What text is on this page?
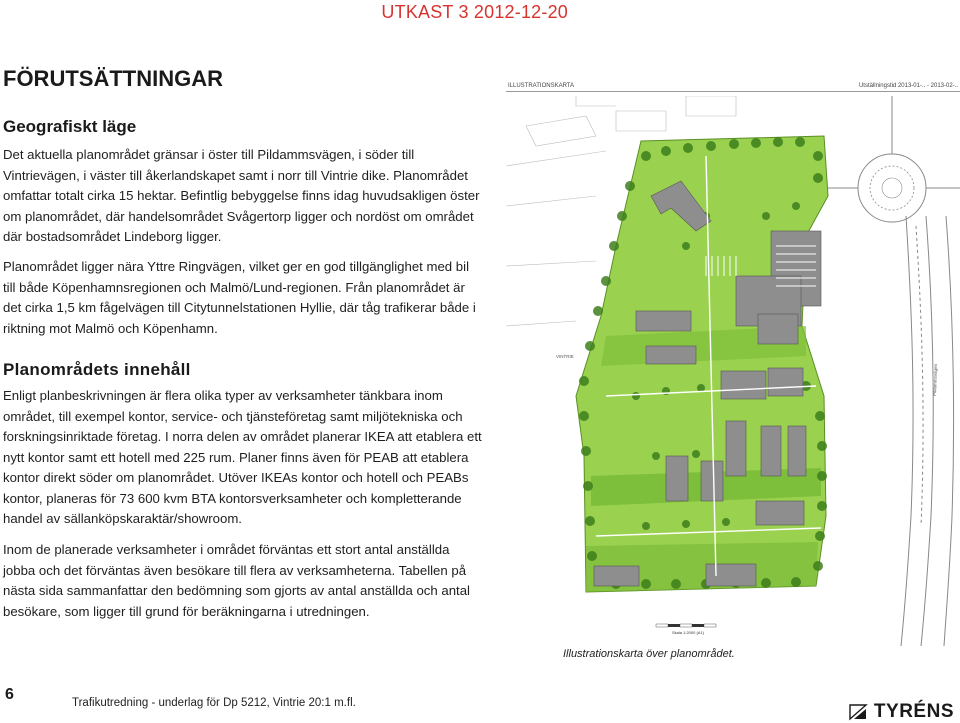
UTKAST 3 2012-12-20
FÖRUTSÄTTNINGAR
Geografiskt läge

Det aktuella planområdet gränsar i öster till Pildammsvägen, i söder till Vintrievägen, i väster till åkerlandskapet samt i norr till Vintrie dike. Planområdet omfattar totalt cirka 15 hektar. Befintlig bebyggelse finns idag huvudsakligen öster om planområdet, där handelsområdet Svågertorp ligger och nordöst om området där bostadsområdet Lindeborg ligger.

Planområdet ligger nära Yttre Ringvägen, vilket ger en god tillgänglighet med bil till både Köpenhamnsregionen och Malmö/Lund-regionen. Från planområdet är det cirka 1,5 km fågelvägen till Citytunnelstationen Hyllie, där tåg trafikerar både i riktning mot Malmö och Köpenhamn.

Planområdets innehåll

Enligt planbeskrivningen är flera olika typer av verksamheter tänkbara inom området, till exempel kontor, service- och tjänsteföretag samt miljötekniska och forskningsinriktade företag. I norra delen av området planerar IKEA att etablera ett nytt kontor samt ett hotell med 225 rum. Planer finns även för PEAB att etablera kontor direkt söder om planområdet. Utöver IKEAs kontor och hotell och PEABs kontor, planeras för 73 600 kvm BTA kontorsverksamheter och kompletterande handel av sällanköpskaraktär/showroom.

Inom de planerade verksamheter i området förväntas ett stort antal anställda jobba och det förväntas även besökare till flera av verksamheterna. Tabellen på nästa sida sammanfattar den bedömning som gjorts av antal anställda och antal besökare, som ligger till grund för beräkningarna i utredningen.

ILLUSTRATIONSKARTA	Utställningstid 2013-01-.. - 2013-02-..
VINTRIE
Pildammsvägen
Skala 1:2000 (A1)
Illustrationskarta över planområdet.
6	Trafikutredning - underlag för Dp 5212, Vintrie 20:1 m.fl.	TYRÉNS
